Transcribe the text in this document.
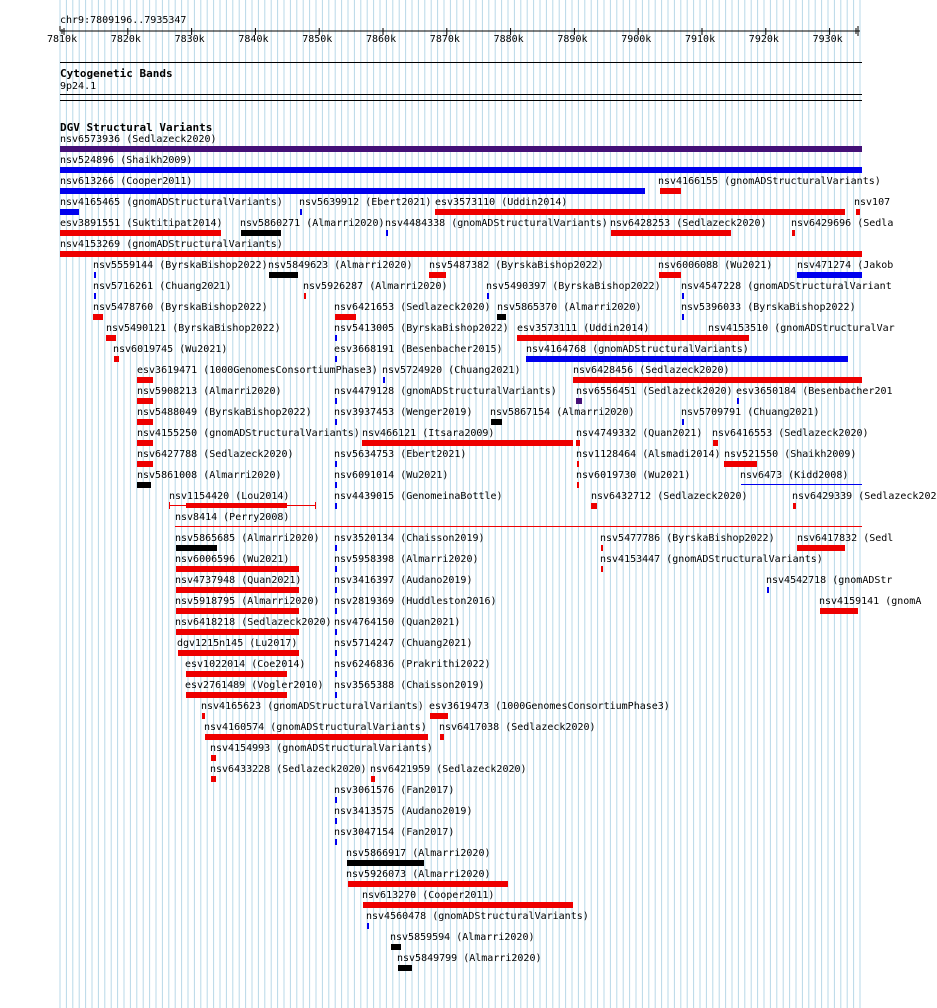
chr9:7809196..7935347
7810k	7820k	7830k	7840k	7850k	7860k	7870k	7880k	7890k	7900k	7910k	7920k	7930k
Cytogenetic Bands
9p24.1
DGV Structural Variants
nsv6573936 (Sedlazeck2020)
nsv524896 (Shaikh2009)
nsv613266 (Cooper2011)	nsv4166155 (gnomADStructuralVariants)
nsv4165465 (gnomADStructuralVariants) nsv5639912 (Ebert2021) esv3573110 (Uddin2014)	nsv107
esv3891551 (Suktitipat2014) nsv5860271 (Almarri2020) nsv4484338 (gnomADStructuralVariants) nsv6428253 (Sedlazeck2020) nsv6429696 (Sedla
nsv4153269 (gnomADStructuralVariants)
nsv5559144 (ByrskaBishop2022) nsv5849623 (Almarri2020) nsv5487382 (ByrskaBishop2022)	nsv6006088 (Wu2021) nsv471274 (Jakob
nsv5716261 (Chuang2021)	nsv5926287 (Almarri2020)	nsv5490397 (ByrskaBishop2022) nsv4547228 (gnomADStructuralVariant
nsv5478760 (ByrskaBishop2022)	nsv6421653 (Sedlazeck2020) nsv5865370 (Almarri2020)	nsv5396033 (ByrskaBishop2022)
nsv5490121 (ByrskaBishop2022)	nsv5413005 (ByrskaBishop2022) esv3573111 (Uddin2014)	nsv4153510 (gnomADStructuralVar
nsv6019745 (Wu2021)	esv3668191 (Besenbacher2015) nsv4164768 (gnomADStructuralVariants)
esv3619471 (1000GenomesConsortiumPhase3) nsv5724920 (Chuang2021)	nsv6428456 (Sedlazeck2020)
nsv5908213 (Almarri2020)	nsv4479128 (gnomADStructuralVariants) nsv6556451 (Sedlazeck2020) esv3650184 (Besenbacher201
nsv5488049 (ByrskaBishop2022) nsv3937453 (Wenger2019) nsv5867154 (Almarri2020)	nsv5709791 (Chuang2021)
nsv4155250 (gnomADStructuralVariants) nsv466121 (Itsara2009)	nsv4749332 (Quan2021) nsv6416553 (Sedlazeck2020)
nsv6427788 (Sedlazeck2020)	nsv5634753 (Ebert2021)	nsv1128464 (Alsmadi2014) nsv521550 (Shaikh2009)
nsv5861008 (Almarri2020)	nsv6091014 (Wu2021)	nsv6019730 (Wu2021)	nsv6473 (Kidd2008)
nsv1154420 (Lou2014)	nsv4439015 (GenomeinaBottle)	nsv6432712 (Sedlazeck2020)	nsv6429339 (Sedlazeck202
nsv8414 (Perry2008)
nsv5865685 (Almarri2020) nsv3520134 (Chaisson2019)	nsv5477786 (ByrskaBishop2022) nsv6417832 (Sedl
nsv6006596 (Wu2021)	nsv5958398 (Almarri2020)	nsv4153447 (gnomADStructuralVariants)
nsv4737948 (Quan2021)	nsv3416397 (Audano2019)	nsv4542718 (gnomADStr
nsv5918795 (Almarri2020) nsv2819369 (Huddleston2016)	nsv4159141 (gnomA
nsv6418218 (Sedlazeck2020) nsv4764150 (Quan2021)
dgv1215n145 (Lu2017)	nsv5714247 (Chuang2021)
esv1022014 (Coe2014)	nsv6246836 (Prakrithi2022)
esv2761489 (Vogler2010) nsv3565388 (Chaisson2019)
nsv4165623 (gnomADStructuralVariants) esv3619473 (1000GenomesConsortiumPhase3)
nsv4160574 (gnomADStructuralVariants) nsv6417038 (Sedlazeck2020)
nsv4154993 (gnomADStructuralVariants)
nsv6433228 (Sedlazeck2020) nsv6421959 (Sedlazeck2020)
nsv3061576 (Fan2017)
nsv3413575 (Audano2019)
nsv3047154 (Fan2017)
nsv5866917 (Almarri2020)
nsv5926073 (Almarri2020)
nsv613270 (Cooper2011)
nsv4560478 (gnomADStructuralVariants)
nsv5859594 (Almarri2020)
nsv5849799 (Almarri2020)
